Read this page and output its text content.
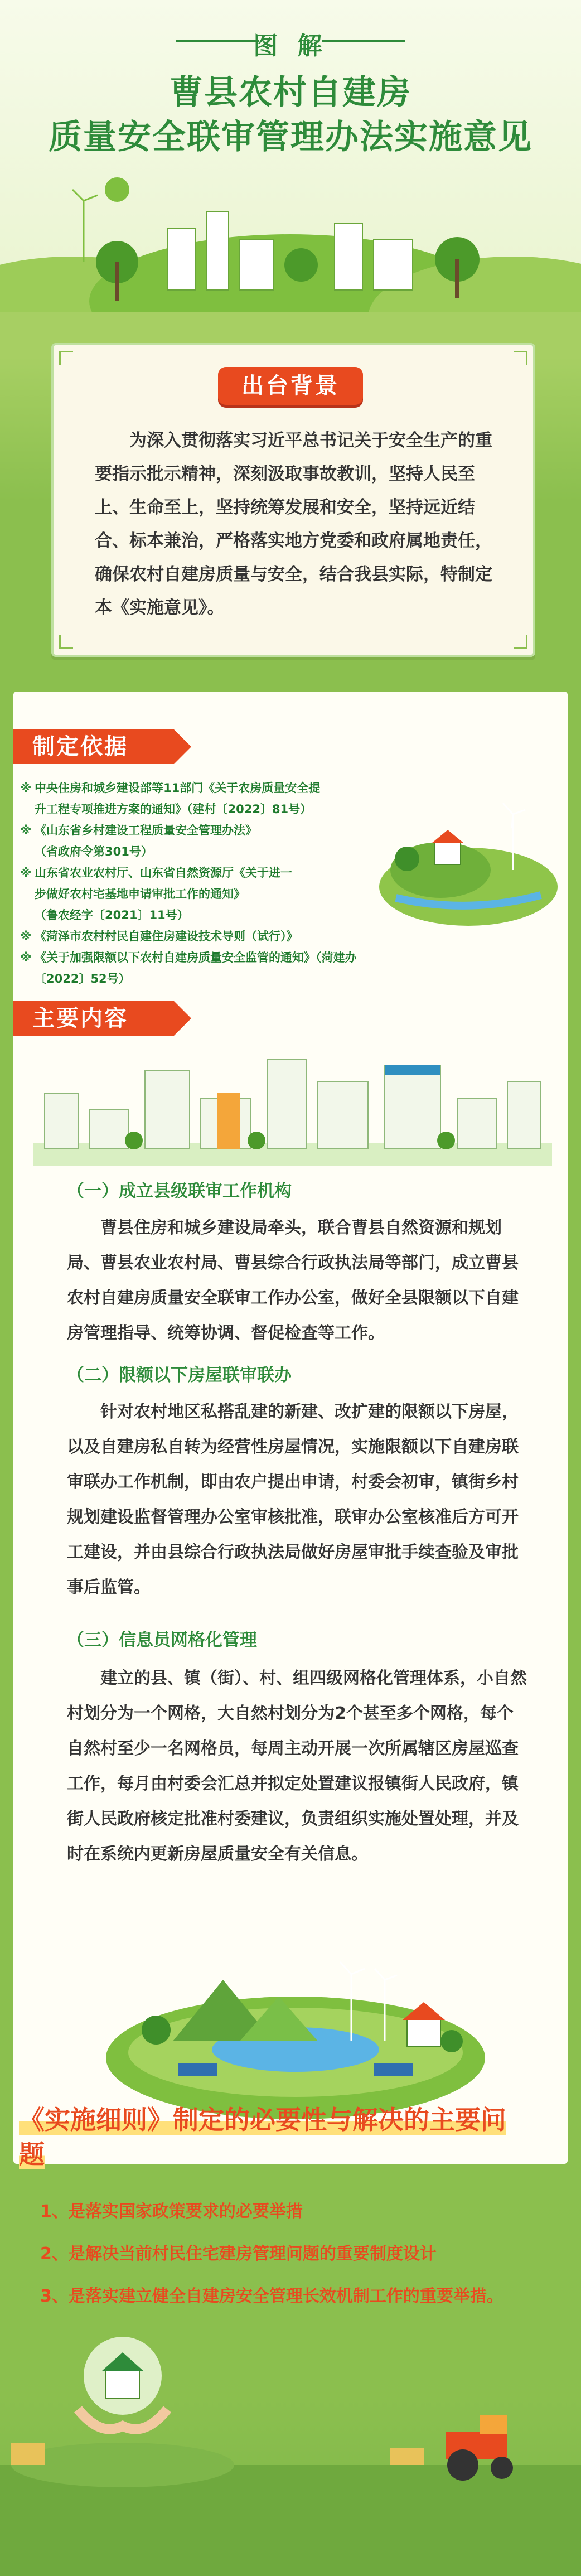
图 解
曹县农村自建房
质量安全联审管理办法实施意见
出台背景
为深入贯彻落实习近平总书记关于安全生产的重要指示批示精神，深刻汲取事故教训，坚持人民至上、生命至上，坚持统筹发展和安全，坚持远近结合、标本兼治，严格落实地方党委和政府属地责任，确保农村自建房质量与安全，结合我县实际，特制定本《实施意见》。
制定依据
※ 中央住房和城乡建设部等11部门《关于农房质量安全提
升工程专项推进方案的通知》（建村〔2022〕81号）
※ 《山东省乡村建设工程质量安全管理办法》
（省政府令第301号）
※ 山东省农业农村厅、山东省自然资源厅《关于进一
步做好农村宅基地申请审批工作的通知》
（鲁农经字〔2021〕11号）
※ 《菏泽市农村村民自建住房建设技术导则（试行）》
※ 《关于加强限额以下农村自建房质量安全监管的通知》（菏建办〔2022〕52号）
主要内容
（一）成立县级联审工作机构
曹县住房和城乡建设局牵头，联合曹县自然资源和规划局、曹县农业农村局、曹县综合行政执法局等部门，成立曹县农村自建房质量安全联审工作办公室，做好全县限额以下自建房管理指导、统筹协调、督促检查等工作。
（二）限额以下房屋联审联办
针对农村地区私搭乱建的新建、改扩建的限额以下房屋，以及自建房私自转为经营性房屋情况，实施限额以下自建房联审联办工作机制，即由农户提出申请，村委会初审，镇街乡村规划建设监督管理办公室审核批准，联审办公室核准后方可开工建设，并由县综合行政执法局做好房屋审批手续查验及审批事后监管。
（三）信息员网格化管理
建立的县、镇（街）、村、组四级网格化管理体系，小自然村划分为一个网格，大自然村划分为2个甚至多个网格，每个自然村至少一名网格员，每周主动开展一次所属辖区房屋巡查工作，每月由村委会汇总并拟定处置建议报镇街人民政府，镇街人民政府核定批准村委建议，负责组织实施处置处理，并及时在系统内更新房屋质量安全有关信息。
《实施细则》制定的必要性与解决的主要问题
1、是落实国家政策要求的必要举措
2、是解决当前村民住宅建房管理问题的重要制度设计
3、是落实建立健全自建房安全管理长效机制工作的重要举措。
